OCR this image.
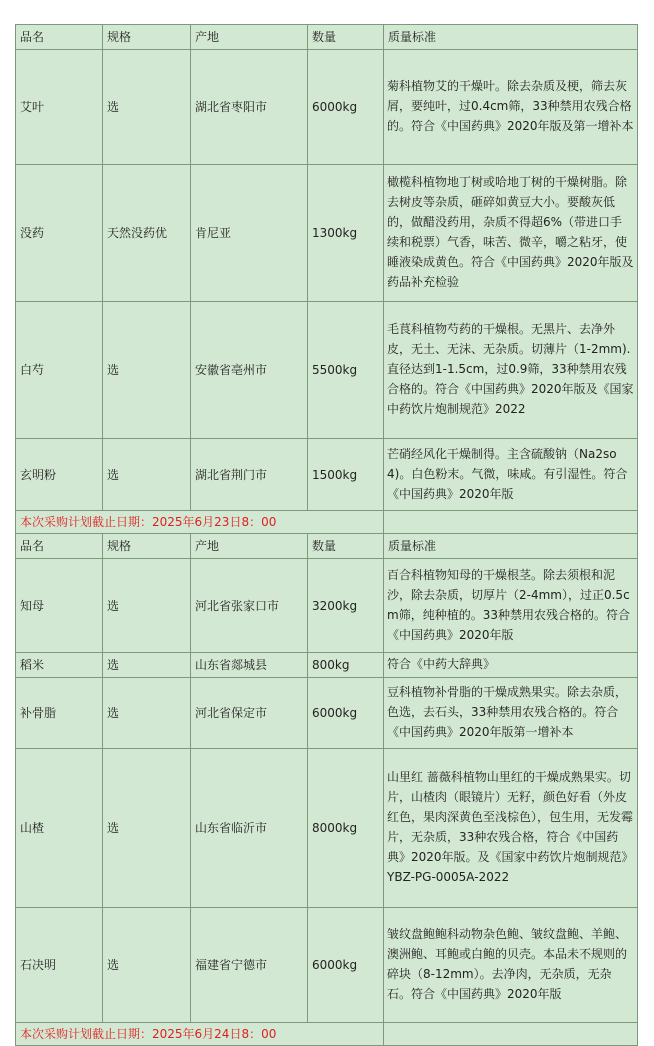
品名	规格	产地	数量	质量标准
艾叶	选	湖北省枣阳市	6000kg	菊科植物艾的干燥叶。除去杂质及梗，筛去灰屑，要纯叶，过0.4cm筛，33种禁用农残合格的。符合《中国药典》2020年版及第一增补本
没药	天然没药优	肯尼亚	1300kg	橄榄科植物地丁树或哈地丁树的干燥树脂。除去树皮等杂质，砸碎如黄豆大小。要酸灰低的，做醋没药用，杂质不得超6%（带进口手续和税票）气香，味苦、微辛，嚼之粘牙，使睡液染成黄色。符合《中国药典》2020年版及药品补充检验
白芍	选	安徽省亳州市	5500kg	毛茛科植物芍药的干燥根。无黑片、去净外皮，无土、无沫、无杂质。切薄片（1-2mm).直径达到1-1.5cm，过0.9筛，33种禁用农残合格的。符合《中国药典》2020年版及《国家中药饮片炮制规范》2022
玄明粉	选	湖北省荆门市	1500kg	芒硝经风化干燥制得。主含硫酸钠（Na2so4)。白色粉末。气微，味咸。有引湿性。符合《中国药典》2020年版
本次采购计划截止日期：2025年6月23日8：00				
品名	规格	产地	数量	质量标准
知母	选	河北省张家口市	3200kg	百合科植物知母的干燥根茎。除去须根和泥沙，除去杂质，切厚片（2-4mm），过正0.5cm筛，纯种植的。33种禁用农残合格的。符合《中国药典》2020年版
稻米	选	山东省郯城县	800kg	符合《中药大辞典》
补骨脂	选	河北省保定市	6000kg	豆科植物补骨脂的干燥成熟果实。除去杂质，色选，去石头，33种禁用农残合格的。符合《中国药典》2020年版第一增补本
山楂	选	山东省临沂市	8000kg	山里红 蔷薇科植物山里红的干燥成熟果实。切片，山楂肉（眼镜片）无籽，颜色好看（外皮红色，果肉深黄色至浅棕色），包生用，无发霉片，无杂质，33种农残合格，符合《中国药典》2020年版。及《国家中药饮片炮制规范》YBZ-PG-0005A-2022
石决明	选	福建省宁德市	6000kg	皱纹盘鲍鲍科动物杂色鲍、皱纹盘鲍、羊鲍、澳洲鲍、耳鲍或白鲍的贝壳。本品未不规则的碎块（8-12mm）。去净肉，无杂质，无杂石。符合《中国药典》2020年版
本次采购计划截止日期：2025年6月24日8：00				
